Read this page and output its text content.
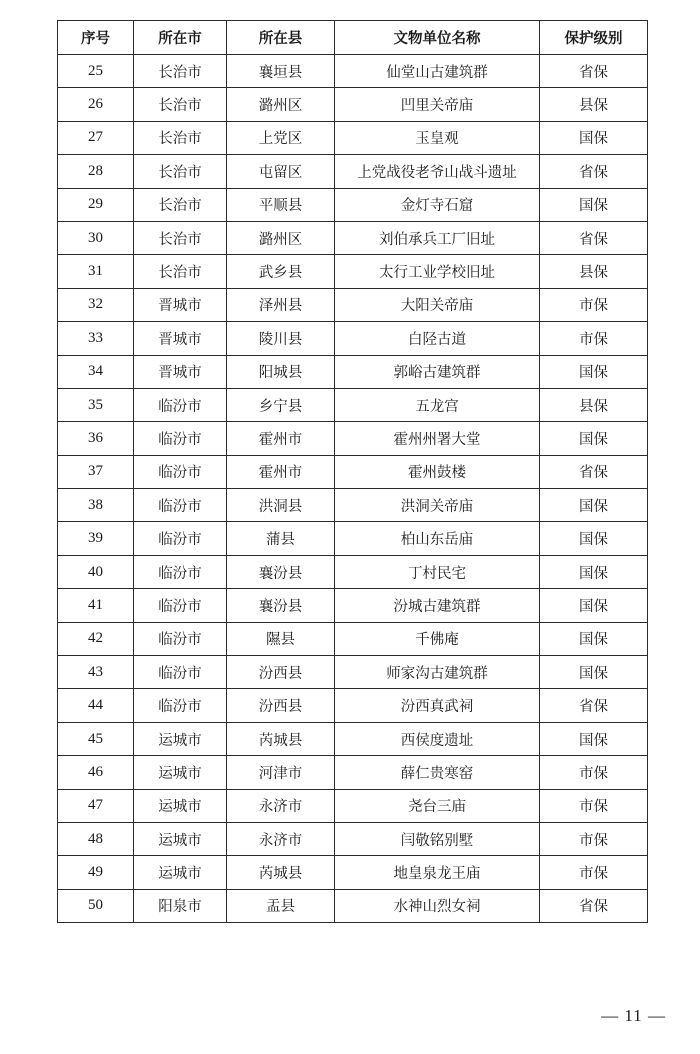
序号	所在市	所在县	文物单位名称	保护级别
25	长治市	襄垣县	仙堂山古建筑群	省保
26	长治市	潞州区	凹里关帝庙	县保
27	长治市	上党区	玉皇观	国保
28	长治市	屯留区	上党战役老爷山战斗遗址	省保
29	长治市	平顺县	金灯寺石窟	国保
30	长治市	潞州区	刘伯承兵工厂旧址	省保
31	长治市	武乡县	太行工业学校旧址	县保
32	晋城市	泽州县	大阳关帝庙	市保
33	晋城市	陵川县	白陉古道	市保
34	晋城市	阳城县	郭峪古建筑群	国保
35	临汾市	乡宁县	五龙宫	县保
36	临汾市	霍州市	霍州州署大堂	国保
37	临汾市	霍州市	霍州鼓楼	省保
38	临汾市	洪洞县	洪洞关帝庙	国保
39	临汾市	蒲县	柏山东岳庙	国保
40	临汾市	襄汾县	丁村民宅	国保
41	临汾市	襄汾县	汾城古建筑群	国保
42	临汾市	隰县	千佛庵	国保
43	临汾市	汾西县	师家沟古建筑群	国保
44	临汾市	汾西县	汾西真武祠	省保
45	运城市	芮城县	西侯度遗址	国保
46	运城市	河津市	薛仁贵寒窑	市保
47	运城市	永济市	尧台三庙	市保
48	运城市	永济市	闫敬铭别墅	市保
49	运城市	芮城县	地皇泉龙王庙	市保
50	阳泉市	盂县	水神山烈女祠	省保
— 11 —
